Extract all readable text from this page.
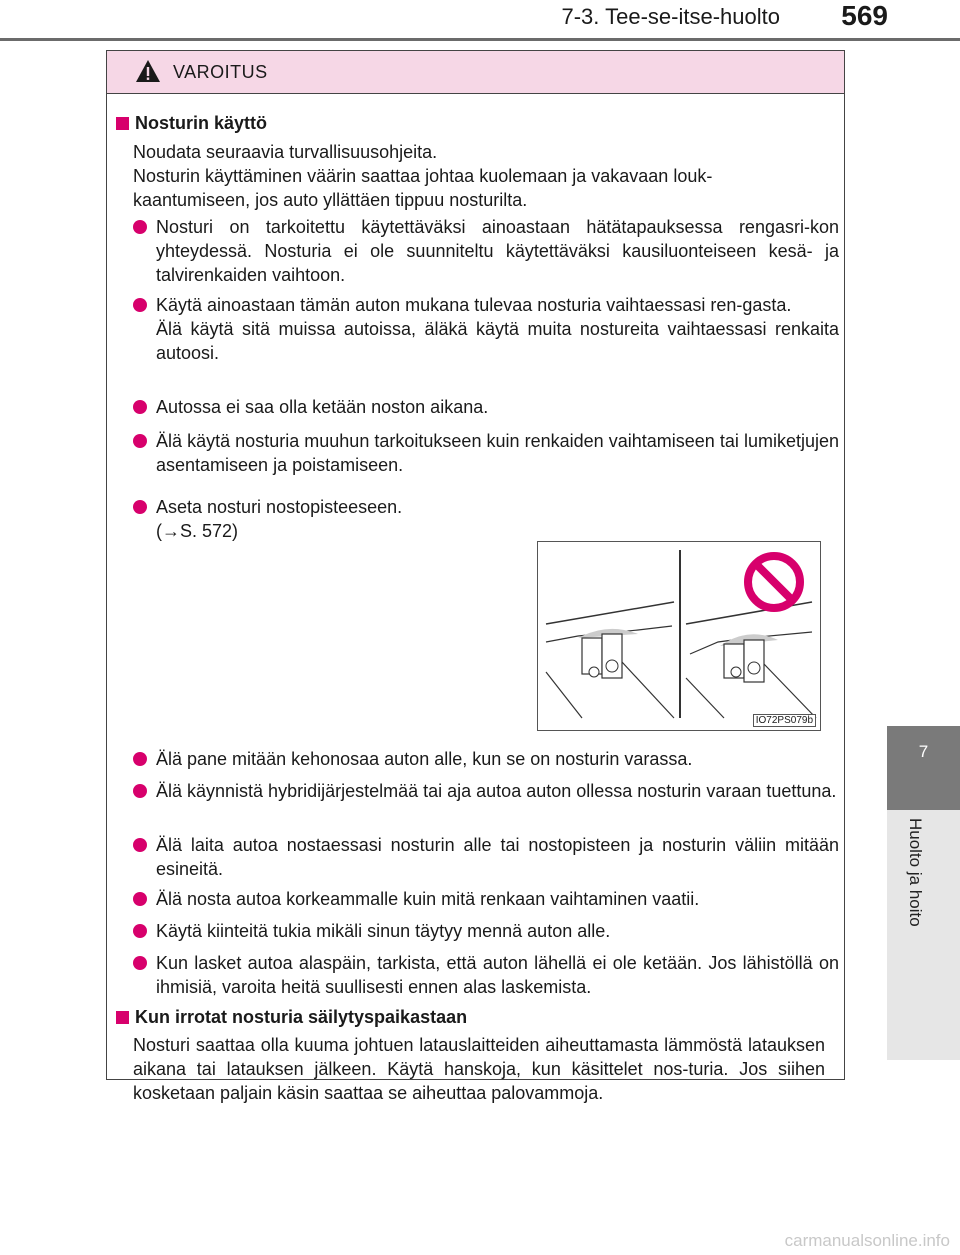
7-3. Tee-se-itse-huolto 569
7
Huolto ja hoito
VAROITUS
Nosturin käyttö
Noudata seuraavia turvallisuusohjeita.
Nosturin käyttäminen väärin saattaa johtaa kuolemaan ja vakavaan louk-
kaantumiseen, jos auto yllättäen tippuu nosturilta.
Nosturi on tarkoitettu käytettäväksi ainoastaan hätätapauksessa rengasri-kon yhteydessä. Nosturia ei ole suunniteltu käytettäväksi kausiluonteiseen kesä- ja talvirenkaiden vaihtoon.
Käytä ainoastaan tämän auton mukana tulevaa nosturia vaihtaessasi ren-gasta.
Älä käytä sitä muissa autoissa, äläkä käytä muita nostureita vaihtaessasi renkaita autoosi.
Autossa ei saa olla ketään noston aikana.
Älä käytä nosturia muuhun tarkoitukseen kuin renkaiden vaihtamiseen tai lumiketjujen asentamiseen ja poistamiseen.
Aseta nosturi nostopisteeseen.
(→S. 572)
IO72PS079b
Älä pane mitään kehonosaa auton alle, kun se on nosturin varassa.
Älä käynnistä hybridijärjestelmää tai aja autoa auton ollessa nosturin varaan tuettuna.
Älä laita autoa nostaessasi nosturin alle tai nostopisteen ja nosturin väliin mitään esineitä.
Älä nosta autoa korkeammalle kuin mitä renkaan vaihtaminen vaatii.
Käytä kiinteitä tukia mikäli sinun täytyy mennä auton alle.
Kun lasket autoa alaspäin, tarkista, että auton lähellä ei ole ketään. Jos lähistöllä on ihmisiä, varoita heitä suullisesti ennen alas laskemista.
Kun irrotat nosturia säilytyspaikastaan
Nosturi saattaa olla kuuma johtuen latauslaitteiden aiheuttamasta lämmöstä latauksen aikana tai latauksen jälkeen. Käytä hanskoja, kun käsittelet nos-turia. Jos siihen kosketaan paljain käsin saattaa se aiheuttaa palovammoja.
carmanualsonline.info
